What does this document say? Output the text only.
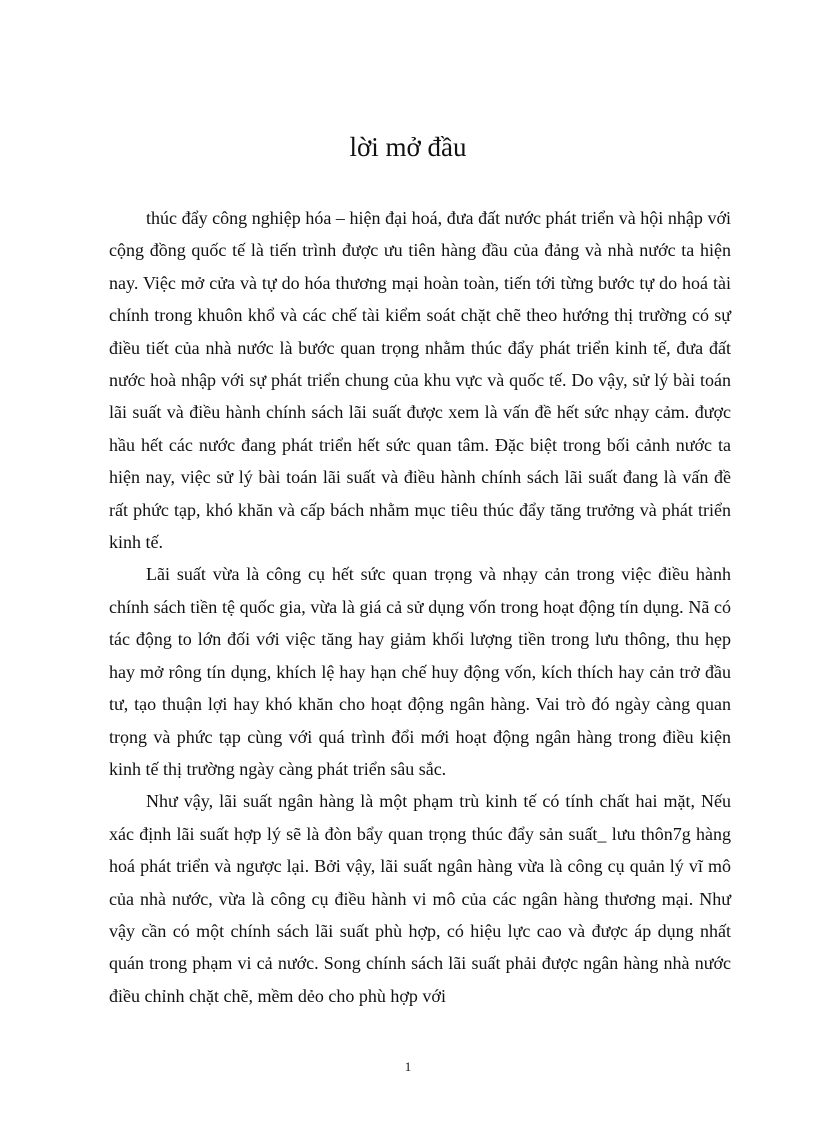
lời mở đầu

thúc đẩy công nghiệp hóa – hiện đại hoá, đưa đất nước phát triển và hội nhập với cộng đồng quốc tế là tiến trình được ưu tiên hàng đầu của đảng và nhà nước ta hiện nay. Việc mở cửa và tự do hóa thương mại hoàn toàn, tiến tới từng bước tự do hoá tài chính trong khuôn khổ và các chế tài kiểm soát chặt chẽ theo hướng thị trường có sự điều tiết của nhà nước là bước quan trọng nhằm thúc đẩy phát triển kinh tế, đưa đất nước hoà nhập với sự phát triển chung của khu vực và quốc tế. Do vậy, sử lý bài toán lãi suất và điều hành chính sách lãi suất được xem là vấn đề hết sức nhạy cảm. được hầu hết các nước đang phát triển hết sức quan tâm. Đặc biệt trong bối cảnh nước ta hiện nay, việc sử lý bài toán lãi suất và điều hành chính sách lãi suất đang là vấn đề rất phức tạp, khó khăn và cấp bách nhằm mục tiêu thúc đẩy tăng trưởng và phát triển kinh tế.

Lãi suất vừa là công cụ hết sức quan trọng và nhạy cản trong việc điều hành chính sách tiền tệ quốc gia, vừa là giá cả sử dụng vốn trong hoạt động tín dụng. Nã có tác động to lớn đối với việc tăng hay giảm khối lượng tiền trong lưu thông, thu hẹp hay mở rông tín dụng, khích lệ hay hạn chế huy động vốn, kích thích hay cản trở đầu tư, tạo thuận lợi hay khó khăn cho hoạt động ngân hàng. Vai trò đó ngày càng quan trọng và phức tạp cùng với quá trình đổi mới hoạt động ngân hàng trong điều kiện kinh tế thị trường ngày càng phát triển sâu sắc.

Như vậy, lãi suất ngân hàng là một phạm trù kinh tế có tính chất hai mặt, Nếu xác định lãi suất hợp lý sẽ là đòn bẩy quan trọng thúc đẩy sản suất_ lưu thôn7g hàng hoá phát triển và ngược lại. Bởi vậy, lãi suất ngân hàng vừa là công cụ quản lý vĩ mô của nhà nước, vừa là công cụ điều hành vi mô của các ngân hàng thương mại. Như vậy cần có một chính sách lãi suất phù hợp, có hiệu lực cao và được áp dụng nhất quán trong phạm vi cả nước. Song chính sách lãi suất phải được ngân hàng nhà nước điều chỉnh chặt chẽ, mềm dẻo cho phù hợp với

1
